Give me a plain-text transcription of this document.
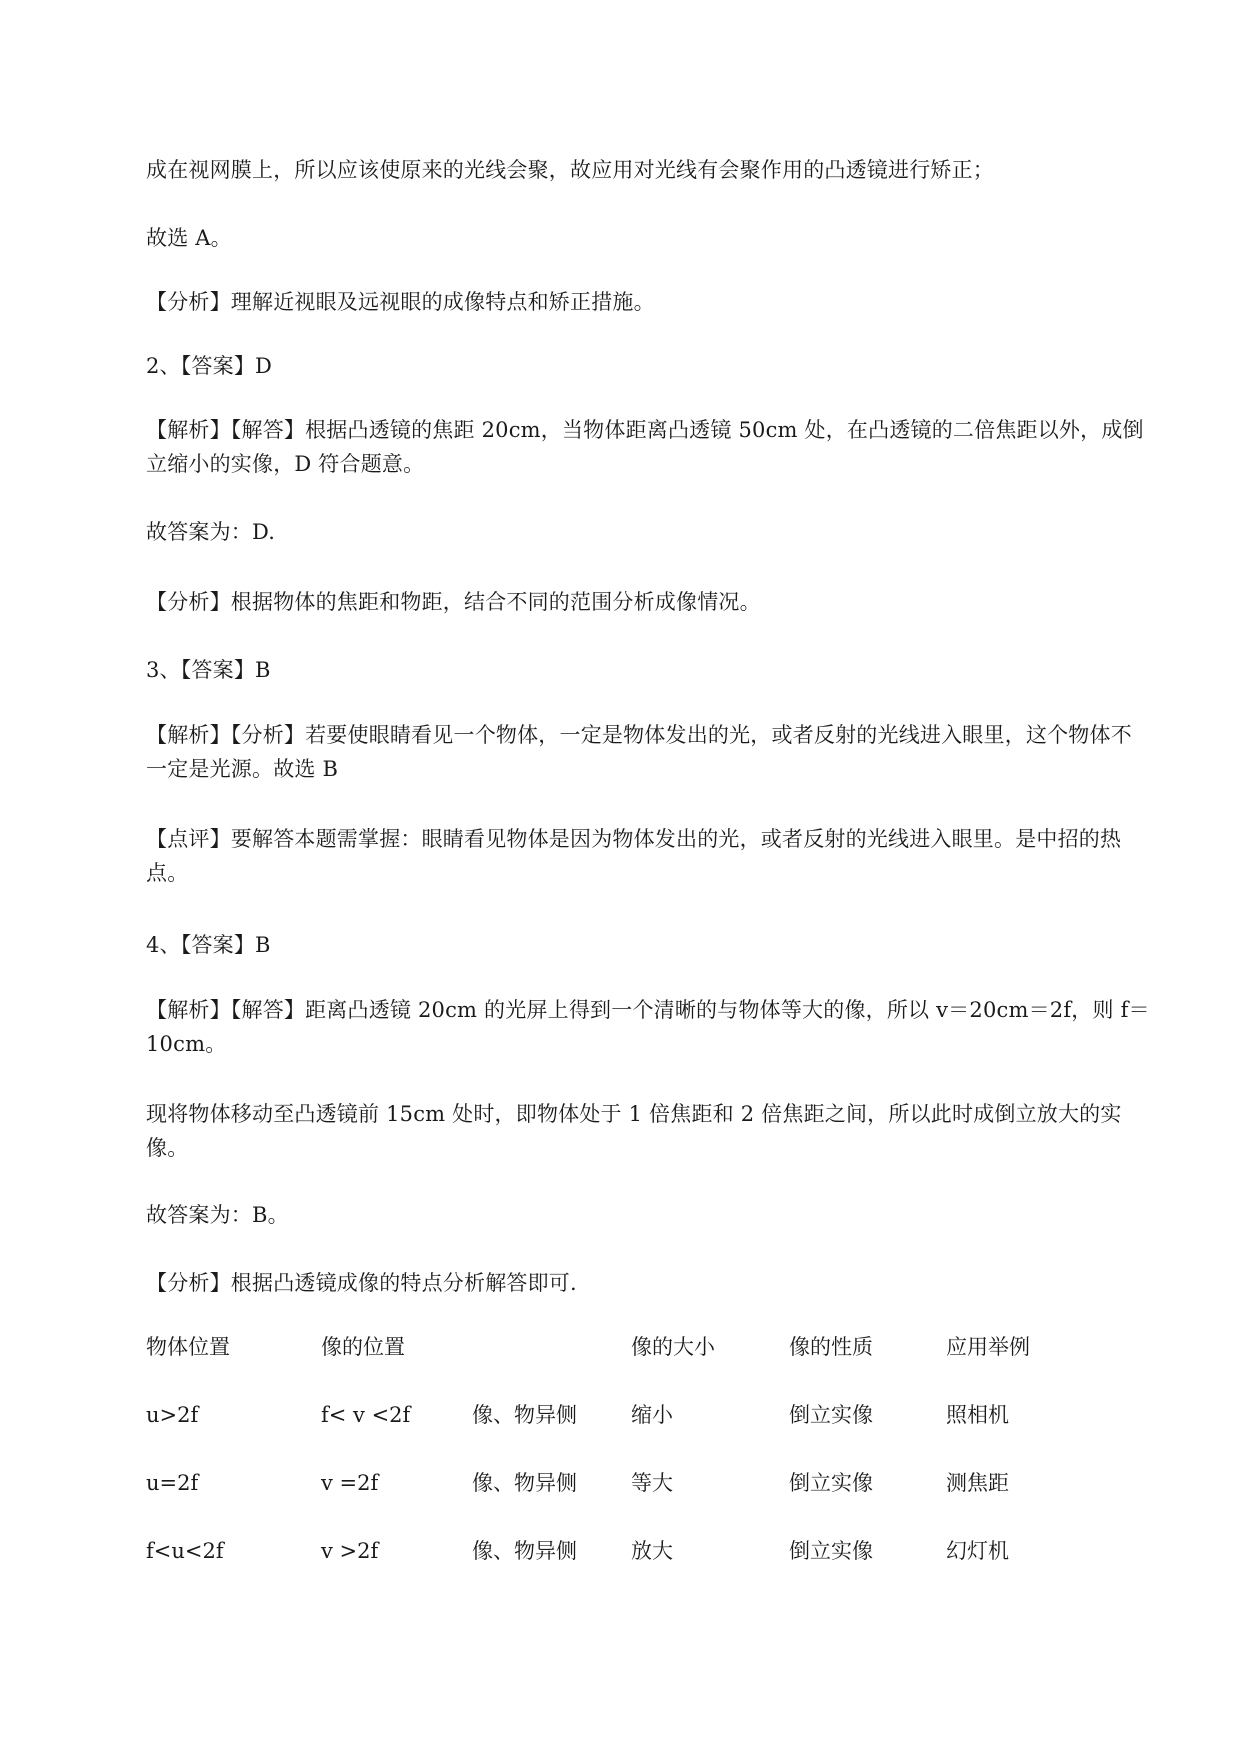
成在视网膜上，所以应该使原来的光线会聚，故应用对光线有会聚作用的凸透镜进行矫正；

故选 A。

【分析】理解近视眼及远视眼的成像特点和矫正措施。

2、【答案】D

【解析】【解答】根据凸透镜的焦距 20cm，当物体距离凸透镜 50cm 处，在凸透镜的二倍焦距以外，成倒立缩小的实像，D 符合题意。

故答案为：D.

【分析】根据物体的焦距和物距，结合不同的范围分析成像情况。

3、【答案】B

【解析】【分析】若要使眼睛看见一个物体，一定是物体发出的光，或者反射的光线进入眼里，这个物体不一定是光源。故选 B

【点评】要解答本题需掌握：眼睛看见物体是因为物体发出的光，或者反射的光线进入眼里。是中招的热点。

4、【答案】B

【解析】【解答】距离凸透镜 20cm 的光屏上得到一个清晰的与物体等大的像，所以 v＝20cm＝2f，则 f＝10cm。

现将物体移动至凸透镜前 15cm 处时，即物体处于 1 倍焦距和 2 倍焦距之间，所以此时成倒立放大的实像。

故答案为：B。

【分析】根据凸透镜成像的特点分析解答即可.

物体位置	像的位置	像的大小	像的性质	应用举例
u>2f	f< v <2f	像、物异侧	缩小	倒立实像	照相机
u=2f	v =2f	像、物异侧	等大	倒立实像	测焦距
f<u<2f	v >2f	像、物异侧	放大	倒立实像	幻灯机
